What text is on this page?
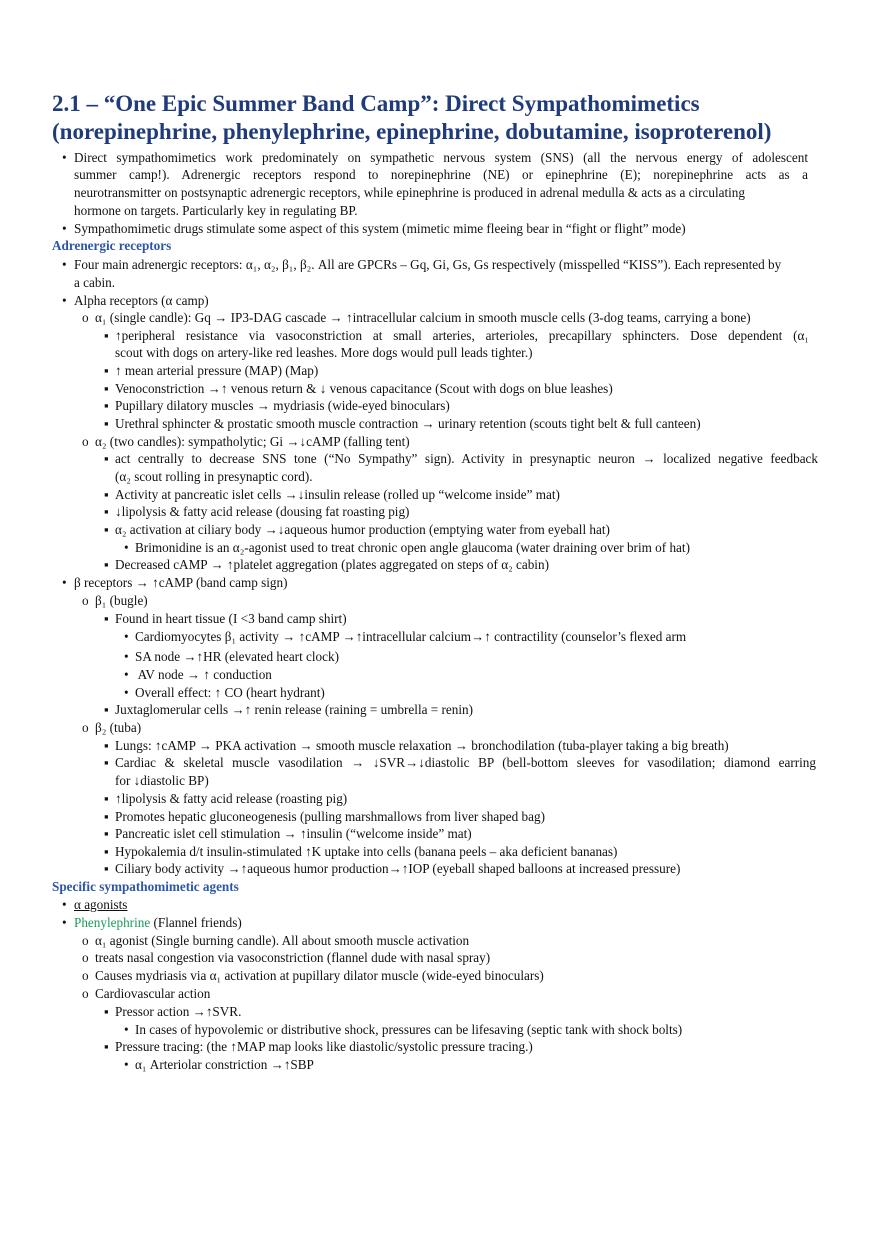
2.1 – “One Epic Summer Band Camp”: Direct Sympathomimetics (norepinephrine, phenylephrine, epinephrine, dobutamine, isoproterenol)
• Direct sympathomimetics work predominately on sympathetic nervous system (SNS) (all the nervous energy of adolescent
summer camp!). Adrenergic receptors respond to norepinephrine (NE) or epinephrine (E); norepinephrine acts as a
neurotransmitter on postsynaptic adrenergic receptors, while epinephrine is produced in adrenal medulla & acts as a circulating
hormone on targets. Particularly key in regulating BP.
• Sympathomimetic drugs stimulate some aspect of this system (mimetic mime fleeing bear in “fight or flight” mode)
Adrenergic receptors
• Four main adrenergic receptors: α₁, α₂, β₁, β₂. All are GPCRs – Gq, Gi, Gs, Gs respectively (misspelled “KISS”). Each represented by
a cabin.
• Alpha receptors (α camp)
o α₁ (single candle): Gq → IP3-DAG cascade → ↑intracellular calcium in smooth muscle cells (3-dog teams, carrying a bone)
▪ ↑peripheral resistance via vasoconstriction at small arteries, arterioles, precapillary sphincters. Dose dependent (α₁
scout with dogs on artery-like red leashes. More dogs would pull leads tighter.)
▪ ↑ mean arterial pressure (MAP) (Map)
▪ Venoconstriction →↑ venous return & ↓ venous capacitance (Scout with dogs on blue leashes)
▪ Pupillary dilatory muscles → mydriasis (wide-eyed binoculars)
▪ Urethral sphincter & prostatic smooth muscle contraction → urinary retention (scouts tight belt & full canteen)
o α₂ (two candles): sympatholytic; Gi →↓cAMP (falling tent)
▪ act centrally to decrease SNS tone (“No Sympathy” sign). Activity in presynaptic neuron → localized negative feedback
(α₂ scout rolling in presynaptic cord).
▪ Activity at pancreatic islet cells →↓insulin release (rolled up “welcome inside” mat)
▪ ↓lipolysis & fatty acid release (dousing fat roasting pig)
▪ α₂ activation at ciliary body →↓aqueous humor production (emptying water from eyeball hat)
• Brimonidine is an α₂-agonist used to treat chronic open angle glaucoma (water draining over brim of hat)
▪ Decreased cAMP → ↑platelet aggregation (plates aggregated on steps of α₂ cabin)
• β receptors → ↑cAMP (band camp sign)
o β₁ (bugle)
▪ Found in heart tissue (I <3 band camp shirt)
• Cardiomyocytes β₁ activity → ↑cAMP →↑intracellular calcium→↑ contractility (counselor’s flexed arm
• SA node →↑HR (elevated heart clock)
• AV node → ↑ conduction
• Overall effect: ↑ CO (heart hydrant)
▪ Juxtaglomerular cells →↑ renin release (raining = umbrella = renin)
o β₂ (tuba)
▪ Lungs: ↑cAMP → PKA activation → smooth muscle relaxation → bronchodilation (tuba-player taking a big breath)
▪ Cardiac & skeletal muscle vasodilation → ↓SVR→↓diastolic BP (bell-bottom sleeves for vasodilation; diamond earring
for ↓diastolic BP)
▪ ↑lipolysis & fatty acid release (roasting pig)
▪ Promotes hepatic gluconeogenesis (pulling marshmallows from liver shaped bag)
▪ Pancreatic islet cell stimulation → ↑insulin (“welcome inside” mat)
▪ Hypokalemia d/t insulin-stimulated ↑K uptake into cells (banana peels – aka deficient bananas)
▪ Ciliary body activity →↑aqueous humor production→↑IOP (eyeball shaped balloons at increased pressure)
Specific sympathomimetic agents
• α agonists
• Phenylephrine (Flannel friends)
o α₁ agonist (Single burning candle). All about smooth muscle activation
o treats nasal congestion via vasoconstriction (flannel dude with nasal spray)
o Causes mydriasis via α₁ activation at pupillary dilator muscle (wide-eyed binoculars)
o Cardiovascular action
▪ Pressor action →↑SVR.
• In cases of hypovolemic or distributive shock, pressures can be lifesaving (septic tank with shock bolts)
▪ Pressure tracing: (the ↑MAP map looks like diastolic/systolic pressure tracing.)
• α₁ Arteriolar constriction →↑SBP
